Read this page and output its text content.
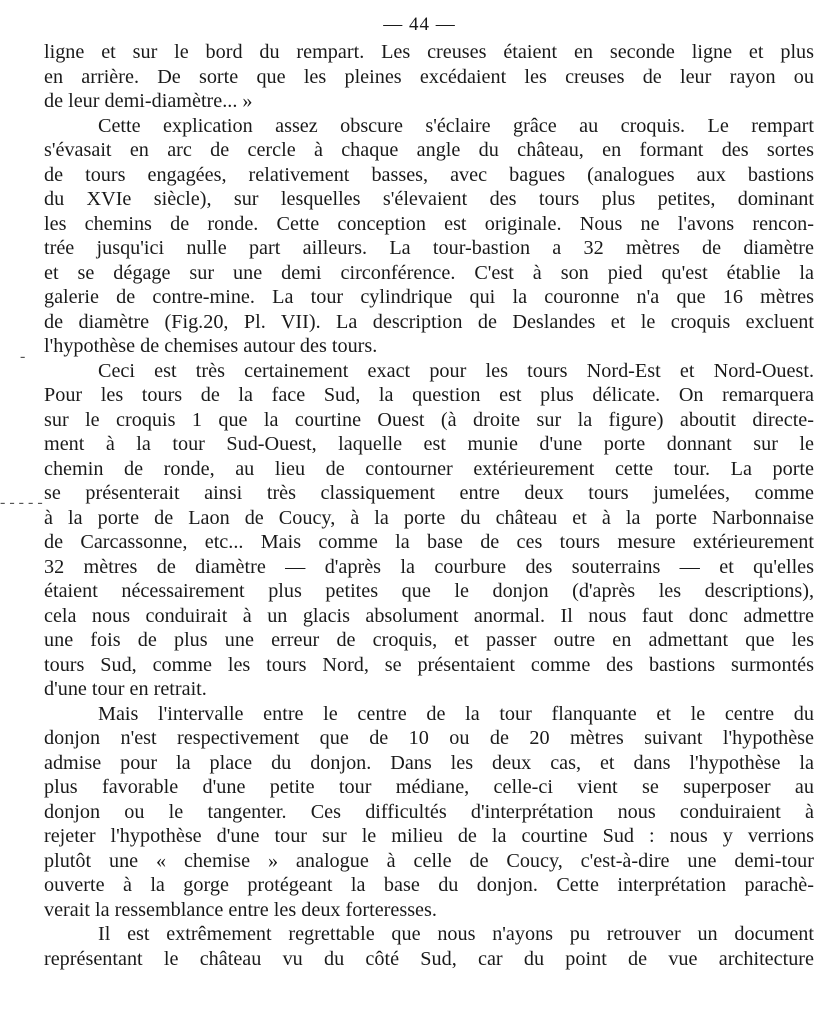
— 44 —
-
- - - - -
ligne et sur le bord du rempart. Les creuses étaient en seconde ligne et plus
en arrière. De sorte que les pleines excédaient les creuses de leur rayon ou
de leur demi-diamètre... »
Cette explication assez obscure s'éclaire grâce au croquis. Le rempart
s'évasait en arc de cercle à chaque angle du château, en formant des sortes
de tours engagées, relativement basses, avec bagues (analogues aux bastions
du XVIe siècle), sur lesquelles s'élevaient des tours plus petites, dominant
les chemins de ronde. Cette conception est originale. Nous ne l'avons rencon-
trée jusqu'ici nulle part ailleurs. La tour-bastion a 32 mètres de diamètre
et se dégage sur une demi circonférence. C'est à son pied qu'est établie la
galerie de contre-mine. La tour cylindrique qui la couronne n'a que 16 mètres
de diamètre (Fig.20, Pl. VII). La description de Deslandes et le croquis excluent
l'hypothèse de chemises autour des tours.
Ceci est très certainement exact pour les tours Nord-Est et Nord-Ouest.
Pour les tours de la face Sud, la question est plus délicate. On remarquera
sur le croquis 1 que la courtine Ouest (à droite sur la figure) aboutit directe-
ment à la tour Sud-Ouest, laquelle est munie d'une porte donnant sur le
chemin de ronde, au lieu de contourner extérieurement cette tour. La porte
se présenterait ainsi très classiquement entre deux tours jumelées, comme
à la porte de Laon de Coucy, à la porte du château et à la porte Narbonnaise
de Carcassonne, etc... Mais comme la base de ces tours mesure extérieurement
32 mètres de diamètre — d'après la courbure des souterrains — et qu'elles
étaient nécessairement plus petites que le donjon (d'après les descriptions),
cela nous conduirait à un glacis absolument anormal. Il nous faut donc admettre
une fois de plus une erreur de croquis, et passer outre en admettant que les
tours Sud, comme les tours Nord, se présentaient comme des bastions surmontés
d'une tour en retrait.
Mais l'intervalle entre le centre de la tour flanquante et le centre du
donjon n'est respectivement que de 10 ou de 20 mètres suivant l'hypothèse
admise pour la place du donjon. Dans les deux cas, et dans l'hypothèse la
plus favorable d'une petite tour médiane, celle-ci vient se superposer au
donjon ou le tangenter. Ces difficultés d'interprétation nous conduiraient à
rejeter l'hypothèse d'une tour sur le milieu de la courtine Sud : nous y verrions
plutôt une « chemise » analogue à celle de Coucy, c'est-à-dire une demi-tour
ouverte à la gorge protégeant la base du donjon. Cette interprétation parachè-
verait la ressemblance entre les deux forteresses.
Il est extrêmement regrettable que nous n'ayons pu retrouver un document
représentant le château vu du côté Sud, car du point de vue architecture
